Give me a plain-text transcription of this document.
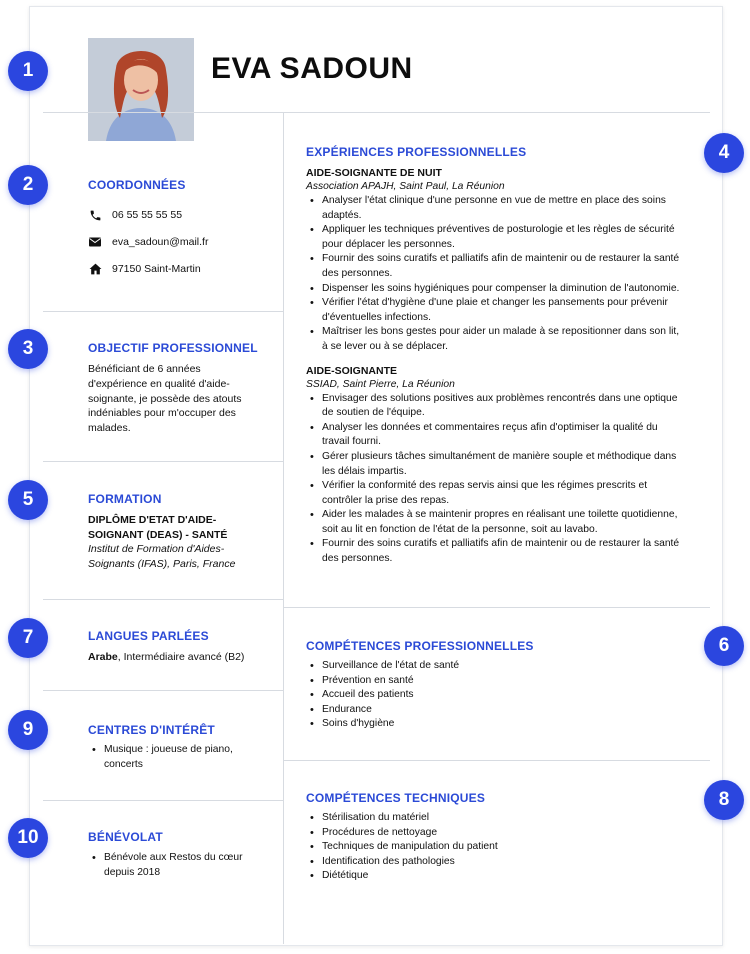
1
2
3
4
5
6
7
8
9
10
EVA SADOUN
COORDONNÉES
06 55 55 55 55
eva_sadoun@mail.fr
97150 Saint-Martin
OBJECTIF PROFESSIONNEL
Bénéficiant de 6 années d'expérience en qualité d'aide-soignante, je possède des atouts indéniables pour m'occuper des malades.
FORMATION
DIPLÔME D'ETAT D'AIDE-SOIGNANT (DEAS) - SANTÉ
Institut de Formation d'Aides-Soignants (IFAS), Paris, France
LANGUES PARLÉES
Arabe, Intermédiaire avancé (B2)
CENTRES D'INTÉRÊT
• Musique : joueuse de piano, concerts
BÉNÉVOLAT
• Bénévole aux Restos du cœur depuis 2018
EXPÉRIENCES PROFESSIONNELLES
AIDE-SOIGNANTE DE NUIT
Association APAJH, Saint Paul, La Réunion
• Analyser l'état clinique d'une personne en vue de mettre en place des soins adaptés.
• Appliquer les techniques préventives de posturologie et les règles de sécurité pour déplacer les personnes.
• Fournir des soins curatifs et palliatifs afin de maintenir ou de restaurer la santé des personnes.
• Dispenser les soins hygiéniques pour compenser la diminution de l'autonomie.
• Vérifier l'état d'hygiène d'une plaie et changer les pansements pour prévenir d'éventuelles infections.
• Maîtriser les bons gestes pour aider un malade à se repositionner dans son lit, à se lever ou à se déplacer.
AIDE-SOIGNANTE
SSIAD, Saint Pierre, La Réunion
• Envisager des solutions positives aux problèmes rencontrés dans une optique de soutien de l'équipe.
• Analyser les données et commentaires reçus afin d'optimiser la qualité du travail fourni.
• Gérer plusieurs tâches simultanément de manière souple et méthodique dans les délais impartis.
• Vérifier la conformité des repas servis ainsi que les régimes prescrits et contrôler la prise des repas.
• Aider les malades à se maintenir propres en réalisant une toilette quotidienne, soit au lit en fonction de l'état de la personne, soit au lavabo.
• Fournir des soins curatifs et palliatifs afin de maintenir ou de restaurer la santé des personnes.
COMPÉTENCES PROFESSIONNELLES
• Surveillance de l'état de santé
• Prévention en santé
• Accueil des patients
• Endurance
• Soins d'hygiène
COMPÉTENCES TECHNIQUES
• Stérilisation du matériel
• Procédures de nettoyage
• Techniques de manipulation du patient
• Identification des pathologies
• Diététique
